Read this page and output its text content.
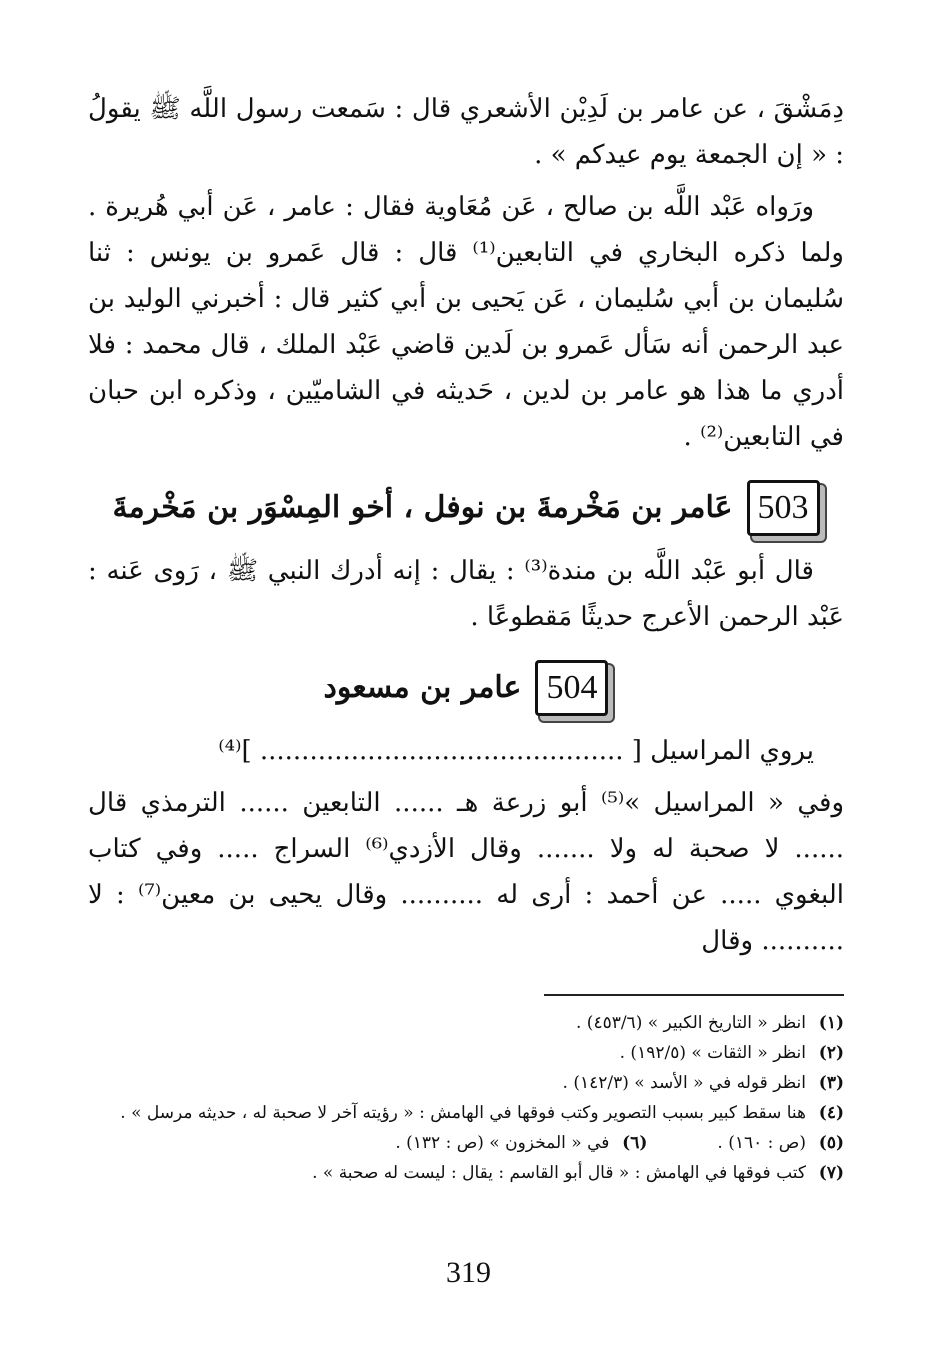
دِمَشْقَ ، عن عامر بن لَدِيْن الأشعري قال : سَمعت رسول اللَّه ﷺ يقولُ : « إن الجمعة يوم عيدكم » .

ورَواه عَبْد اللَّه بن صالح ، عَن مُعَاوية فقال : عامر ، عَن أبي هُريرة . ولما ذكره البخاري في التابعين⁽¹⁾ قال : قال عَمرو بن يونس : ثنا سُليمان بن أبي سُليمان ، عَن يَحيى بن أبي كثير قال : أخبرني الوليد بن عبد الرحمن أنه سَأل عَمرو بن لَدين قاضي عَبْد الملك ، قال محمد : فلا أدري ما هذا هو عامر بن لدين ، حَديثه في الشاميّين ، وذكره ابن حبان في التابعين⁽²⁾ .

503
عَامر بن مَخْرمةَ بن نوفل ، أخو المِسْوَر بن مَخْرمةَ

قال أبو عَبْد اللَّه بن مندة⁽³⁾ : يقال : إنه أدرك النبي ﷺ ، رَوى عَنه : عَبْد الرحمن الأعرج حديثًا مَقطوعًا .

504
عامر بن مسعود

يروي المراسيل [ ............................................ ]⁽⁴⁾

وفي « المراسيل »⁽⁵⁾ أبو زرعة هـ ...... التابعين ...... الترمذي قال ...... لا صحبة له ولا ....... وقال الأزدي⁽⁶⁾ السراج ..... وفي كتاب البغوي ..... عن أحمد : أرى له .......... وقال يحيى بن معين⁽⁷⁾ : لا .......... وقال

(١)
انظر « التاريخ الكبير » (٤٥٣/٦) .

(٢)
انظر « الثقات » (١٩٢/٥) .

(٣)
انظر قوله في « الأسد » (١٤٢/٣) .

(٤)
هنا سقط كبير بسبب التصوير وكتب فوقها في الهامش : « رؤيته آخر لا صحبة له ، حديثه مرسل » .

(٥)
(ص : ١٦٠) .

(٦)
في « المخزون » (ص : ١٣٢) .

(٧)
كتب فوقها في الهامش : « قال أبو القاسم : يقال : ليست له صحبة » .

319
